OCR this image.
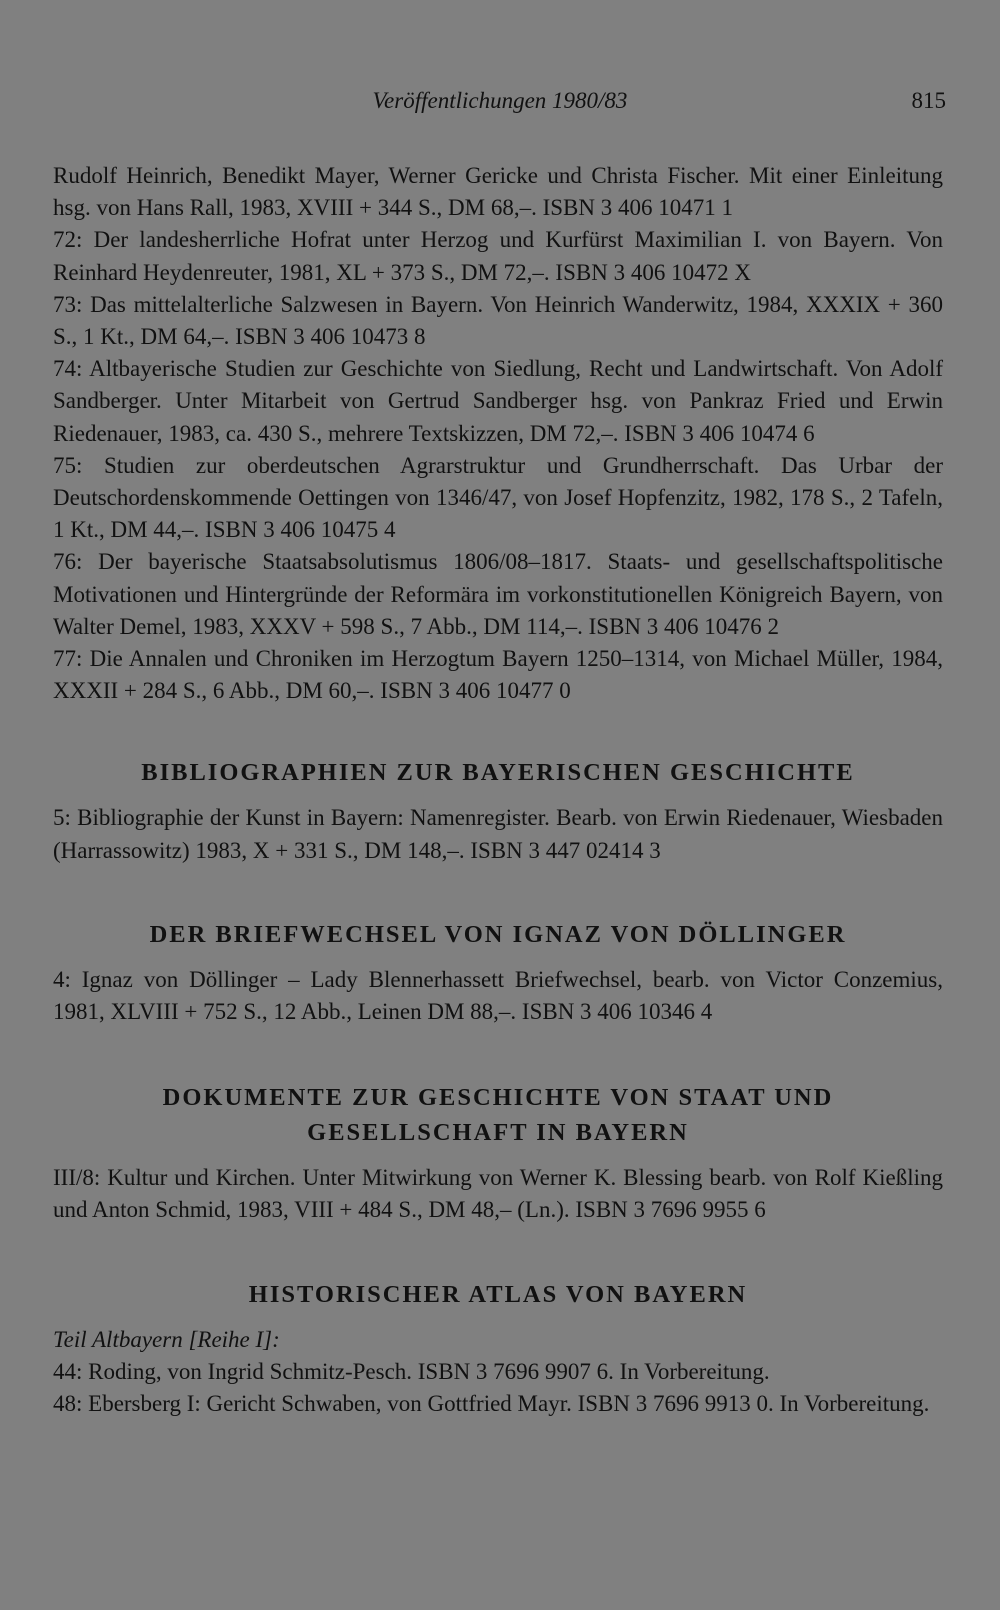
Veröffentlichungen 1980/83	815

Rudolf Heinrich, Benedikt Mayer, Werner Gericke und Christa Fischer. Mit einer Einleitung hsg. von Hans Rall, 1983, XVIII + 344 S., DM 68,–. ISBN 3 406 10471 1

72: Der landesherrliche Hofrat unter Herzog und Kurfürst Maximilian I. von Bayern. Von Reinhard Heydenreuter, 1981, XL + 373 S., DM 72,–. ISBN 3 406 10472 X

73: Das mittelalterliche Salzwesen in Bayern. Von Heinrich Wanderwitz, 1984, XXXIX + 360 S., 1 Kt., DM 64,–. ISBN 3 406 10473 8

74: Altbayerische Studien zur Geschichte von Siedlung, Recht und Landwirtschaft. Von Adolf Sandberger. Unter Mitarbeit von Gertrud Sandberger hsg. von Pankraz Fried und Erwin Riedenauer, 1983, ca. 430 S., mehrere Textskizzen, DM 72,–. ISBN 3 406 10474 6

75: Studien zur oberdeutschen Agrarstruktur und Grundherrschaft. Das Urbar der Deutschordenskommende Oettingen von 1346/47, von Josef Hopfenzitz, 1982, 178 S., 2 Tafeln, 1 Kt., DM 44,–. ISBN 3 406 10475 4

76: Der bayerische Staatsabsolutismus 1806/08–1817. Staats- und gesellschaftspolitische Motivationen und Hintergründe der Reformära im vorkonstitutionellen Königreich Bayern, von Walter Demel, 1983, XXXV + 598 S., 7 Abb., DM 114,–. ISBN 3 406 10476 2

77: Die Annalen und Chroniken im Herzogtum Bayern 1250–1314, von Michael Müller, 1984, XXXII + 284 S., 6 Abb., DM 60,–. ISBN 3 406 10477 0

BIBLIOGRAPHIEN ZUR BAYERISCHEN GESCHICHTE

5: Bibliographie der Kunst in Bayern: Namenregister. Bearb. von Erwin Riedenauer, Wiesbaden (Harrassowitz) 1983, X + 331 S., DM 148,–. ISBN 3 447 02414 3

DER BRIEFWECHSEL VON IGNAZ VON DÖLLINGER

4: Ignaz von Döllinger – Lady Blennerhassett Briefwechsel, bearb. von Victor Conzemius, 1981, XLVIII + 752 S., 12 Abb., Leinen DM 88,–. ISBN 3 406 10346 4

DOKUMENTE ZUR GESCHICHTE VON STAAT UND GESELLSCHAFT IN BAYERN

III/8: Kultur und Kirchen. Unter Mitwirkung von Werner K. Blessing bearb. von Rolf Kießling und Anton Schmid, 1983, VIII + 484 S., DM 48,– (Ln.). ISBN 3 7696 9955 6

HISTORISCHER ATLAS VON BAYERN

Teil Altbayern [Reihe I]:

44: Roding, von Ingrid Schmitz-Pesch. ISBN 3 7696 9907 6. In Vorbereitung.

48: Ebersberg I: Gericht Schwaben, von Gottfried Mayr. ISBN 3 7696 9913 0. In Vorbereitung.
